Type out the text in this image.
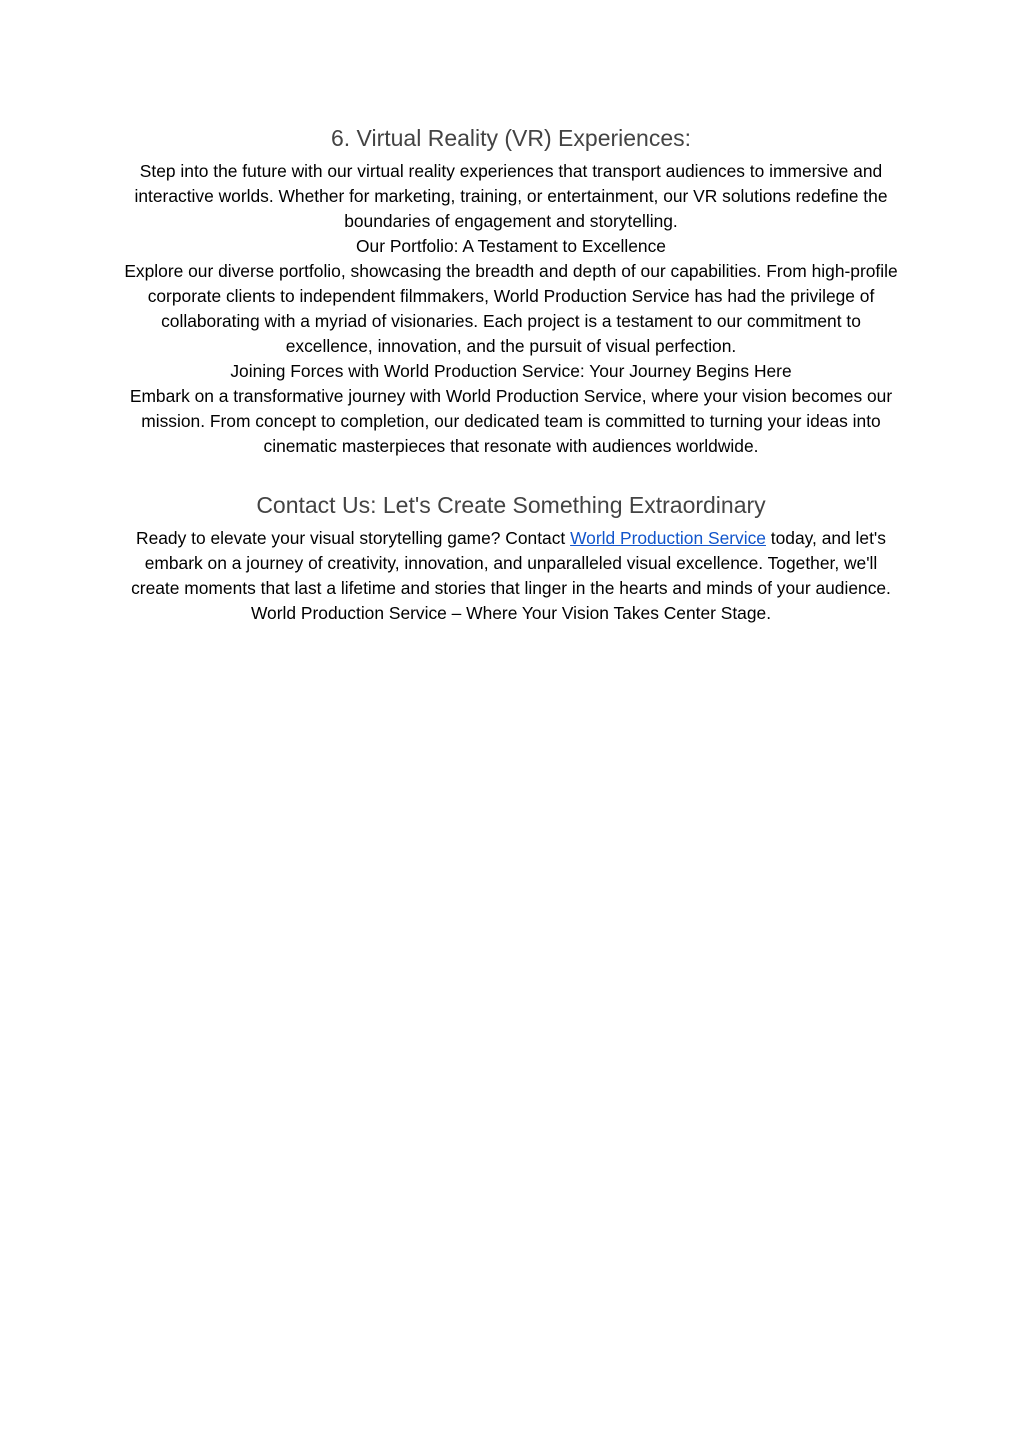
6. Virtual Reality (VR) Experiences:

Step into the future with our virtual reality experiences that transport audiences to immersive and interactive worlds. Whether for marketing, training, or entertainment, our VR solutions redefine the boundaries of engagement and storytelling.

Our Portfolio: A Testament to Excellence

Explore our diverse portfolio, showcasing the breadth and depth of our capabilities. From high-profile corporate clients to independent filmmakers, World Production Service has had the privilege of collaborating with a myriad of visionaries. Each project is a testament to our commitment to excellence, innovation, and the pursuit of visual perfection.

Joining Forces with World Production Service: Your Journey Begins Here

Embark on a transformative journey with World Production Service, where your vision becomes our mission. From concept to completion, our dedicated team is committed to turning your ideas into cinematic masterpieces that resonate with audiences worldwide.

Contact Us: Let's Create Something Extraordinary

Ready to elevate your visual storytelling game? Contact World Production Service today, and let's embark on a journey of creativity, innovation, and unparalleled visual excellence. Together, we'll create moments that last a lifetime and stories that linger in the hearts and minds of your audience. World Production Service – Where Your Vision Takes Center Stage.
